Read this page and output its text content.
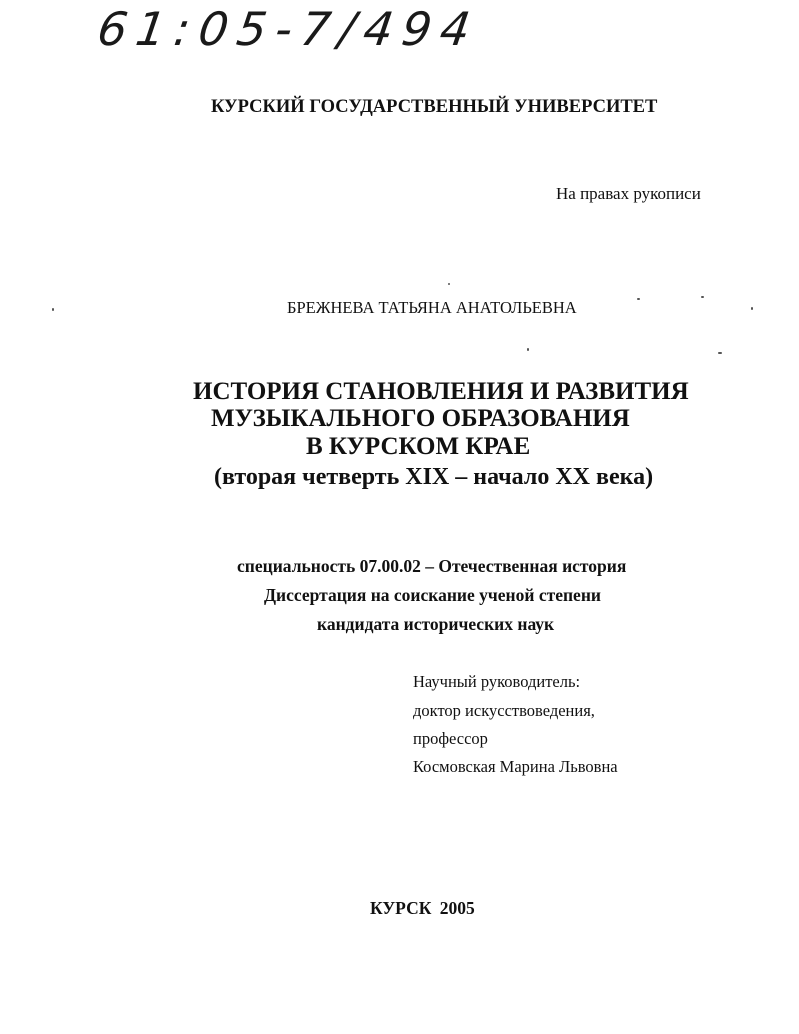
61:05-7/494
КУРСКИЙ ГОСУДАРСТВЕННЫЙ УНИВЕРСИТЕТ
На правах рукописи
БРЕЖНЕВА ТАТЬЯНА АНАТОЛЬЕВНА
ИСТОРИЯ СТАНОВЛЕНИЯ И РАЗВИТИЯ
МУЗЫКАЛЬНОГО ОБРАЗОВАНИЯ
В КУРСКОМ КРАЕ
(вторая четверть XIX – начало XX века)
специальность 07.00.02 – Отечественная история
Диссертация на соискание ученой степени
кандидата исторических наук
Научный руководитель:
доктор искусствоведения,
профессор
Космовская Марина Львовна
КУРСК 2005
